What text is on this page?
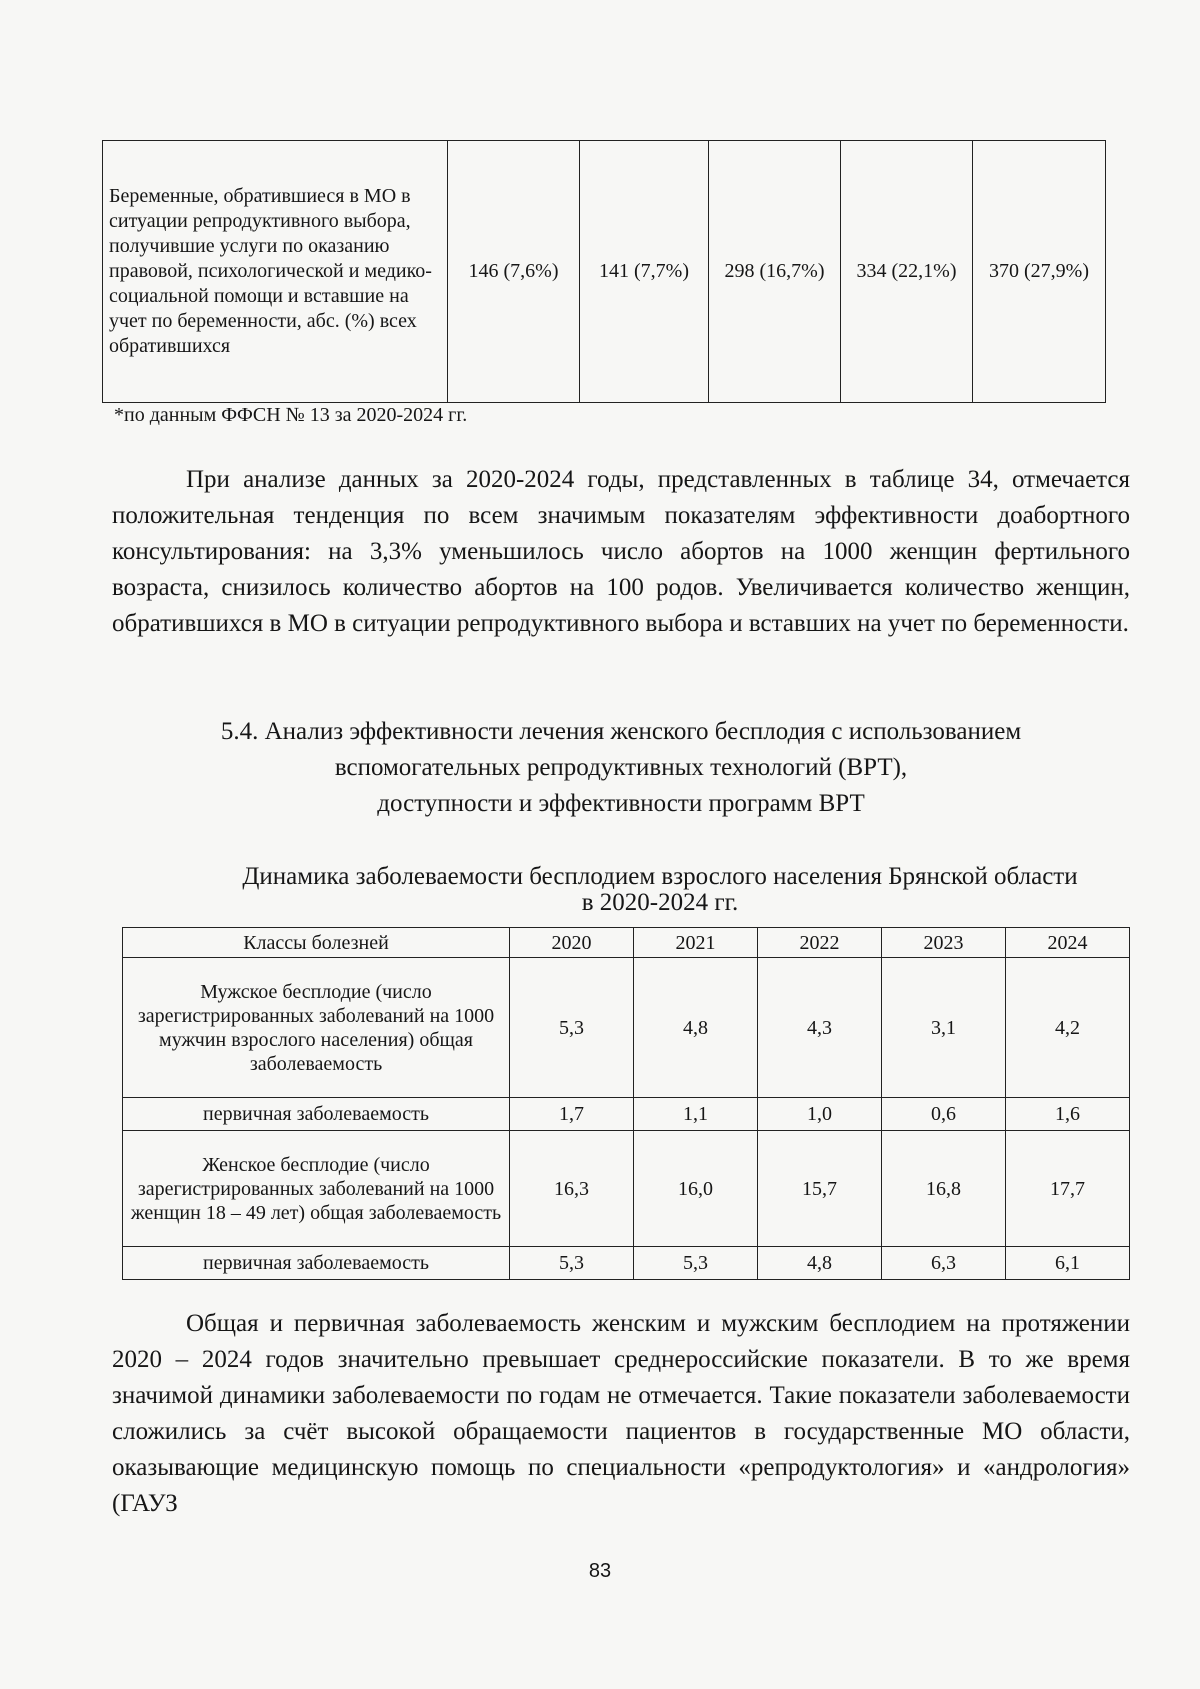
Беременные, обратившиеся в МО в ситуации репродуктивного выбора, получившие услуги по оказанию правовой, психологической и медико-социальной помощи и вставшие на учет по беременности, абс. (%) всех обратившихся	146 (7,6%)	141 (7,7%)	298 (16,7%)	334 (22,1%)	370 (27,9%)
*по данным ФФСН № 13 за 2020-2024 гг.

При анализе данных за 2020-2024 годы, представленных в таблице 34, отмечается положительная тенденция по всем значимым показателям эффективности доабортного консультирования: на 3,3% уменьшилось число абортов на 1000 женщин фертильного возраста, снизилось количество абортов на 100 родов. Увеличивается количество женщин, обратившихся в МО в ситуации репродуктивного выбора и вставших на учет по беременности.

5.4. Анализ эффективности лечения женского бесплодия с использованием
вспомогательных репродуктивных технологий (ВРТ),
доступности и эффективности программ ВРТ
Динамика заболеваемости бесплодием взрослого населения Брянской области
в 2020-2024 гг.
Классы болезней	2020	2021	2022	2023	2024
Мужское бесплодие (число зарегистрированных заболеваний на 1000 мужчин взрослого населения) общая заболеваемость	5,3	4,8	4,3	3,1	4,2
первичная заболеваемость	1,7	1,1	1,0	0,6	1,6
Женское бесплодие (число зарегистрированных заболеваний на 1000 женщин 18 – 49 лет) общая заболеваемость	16,3	16,0	15,7	16,8	17,7
первичная заболеваемость	5,3	5,3	4,8	6,3	6,1

Общая и первичная заболеваемость женским и мужским бесплодием на протяжении 2020 – 2024 годов значительно превышает среднероссийские показатели. В то же время значимой динамики заболеваемости по годам не отмечается. Такие показатели заболеваемости сложились за счёт высокой обращаемости пациентов в государственные МО области, оказывающие медицинскую помощь по специальности «репродуктология» и «андрология» (ГАУЗ

83
